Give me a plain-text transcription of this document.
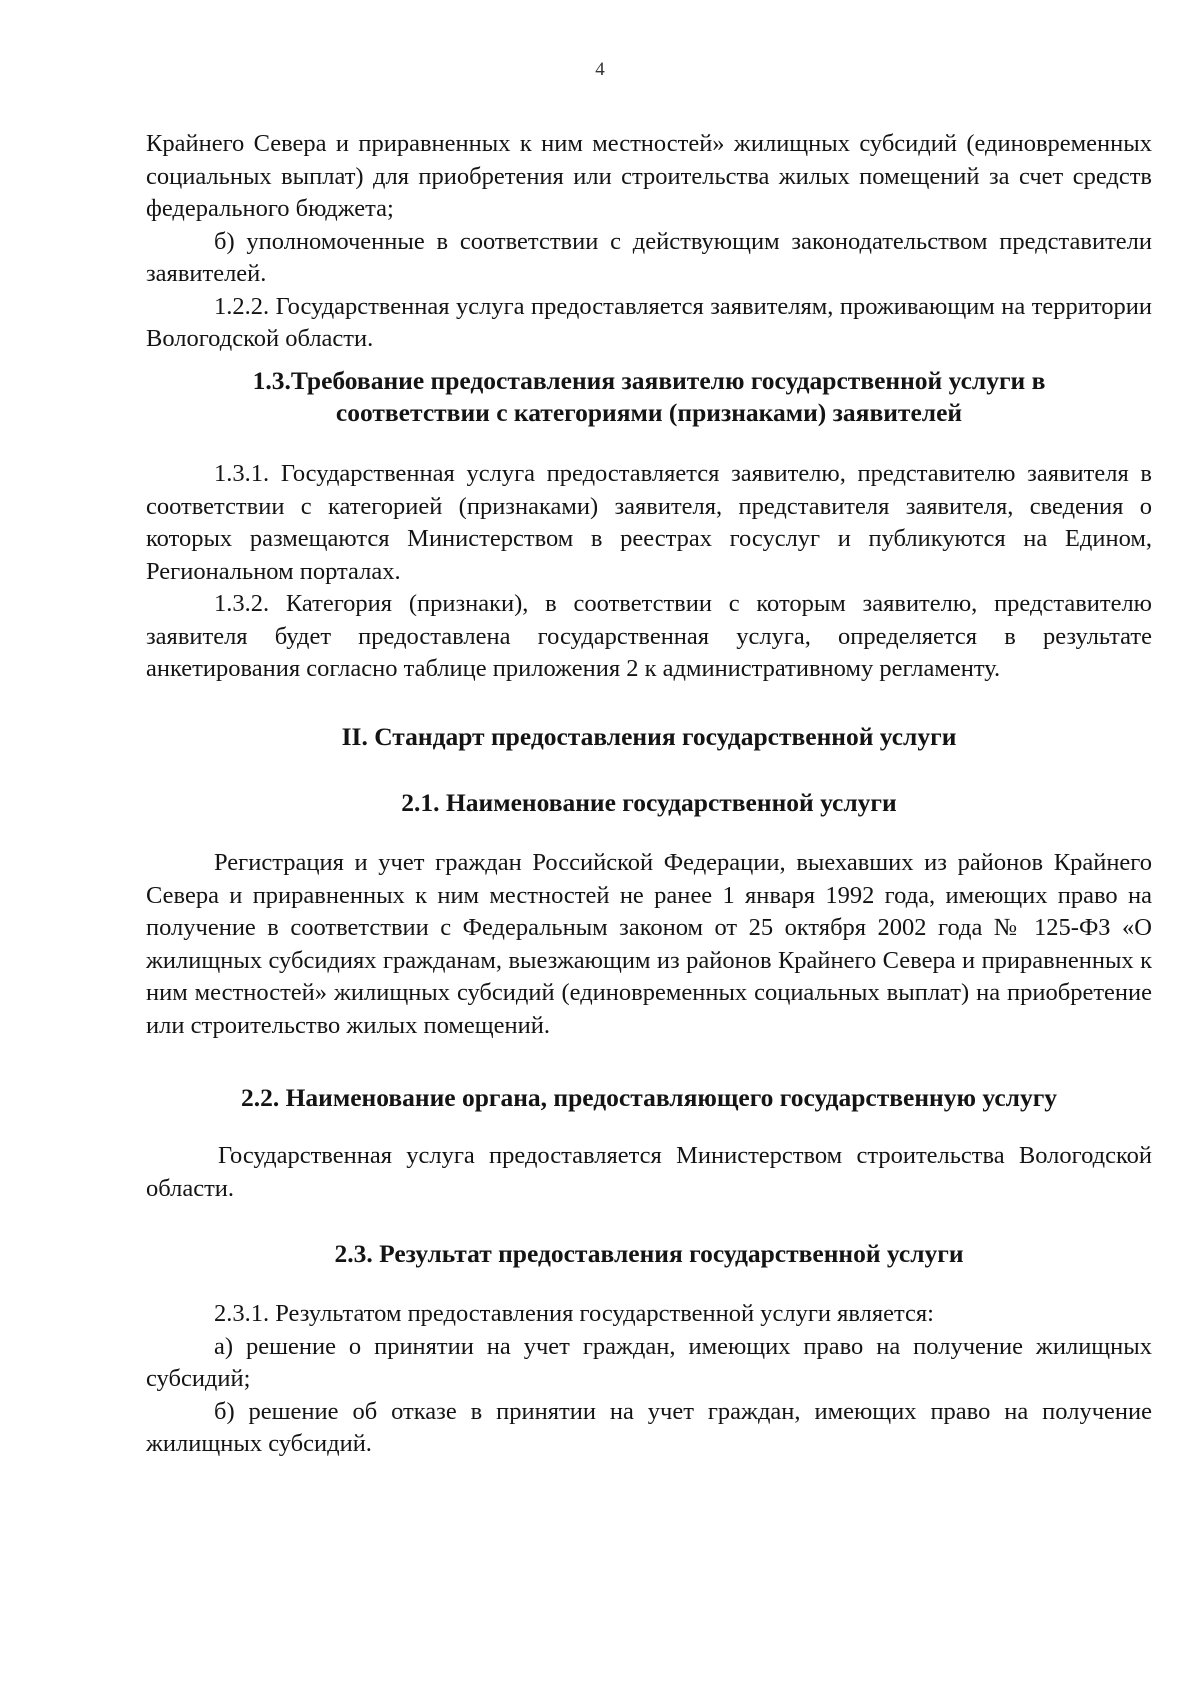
4

Крайнего Севера и приравненных к ним местностей» жилищных субсидий (единовременных социальных выплат) для приобретения или строительства жилых помещений за счет средств федерального бюджета;

б) уполномоченные в соответствии с действующим законодательством представители заявителей.

1.2.2. Государственная услуга предоставляется заявителям, проживающим на территории Вологодской области.

1.3.Требование предоставления заявителю государственной услуги в

соответствии с категориями (признаками) заявителей

1.3.1. Государственная услуга предоставляется заявителю, представителю заявителя в соответствии с категорией (признаками) заявителя, представителя заявителя, сведения о которых размещаются Министерством в реестрах госуслуг и публикуются на Едином, Региональном порталах.

1.3.2. Категория (признаки), в соответствии с которым заявителю, представителю заявителя будет предоставлена государственная услуга, определяется в результате анкетирования согласно таблице приложения 2 к административному регламенту.

II. Стандарт предоставления государственной услуги

2.1. Наименование государственной услуги

Регистрация и учет граждан Российской Федерации, выехавших из районов Крайнего Севера и приравненных к ним местностей не ранее 1 января 1992 года, имеющих право на получение в соответствии с Федеральным законом от 25 октября 2002 года № 125-ФЗ «О жилищных субсидиях гражданам, выезжающим из районов Крайнего Севера и приравненных к ним местностей» жилищных субсидий (единовременных социальных выплат) на приобретение или строительство жилых помещений.

2.2. Наименование органа, предоставляющего государственную услугу

Государственная услуга предоставляется Министерством строительства Вологодской области.

2.3. Результат предоставления государственной услуги

2.3.1. Результатом предоставления государственной услуги является:

а) решение о принятии на учет граждан, имеющих право на получение жилищных субсидий;

б) решение об отказе в принятии на учет граждан, имеющих право на получение жилищных субсидий.
